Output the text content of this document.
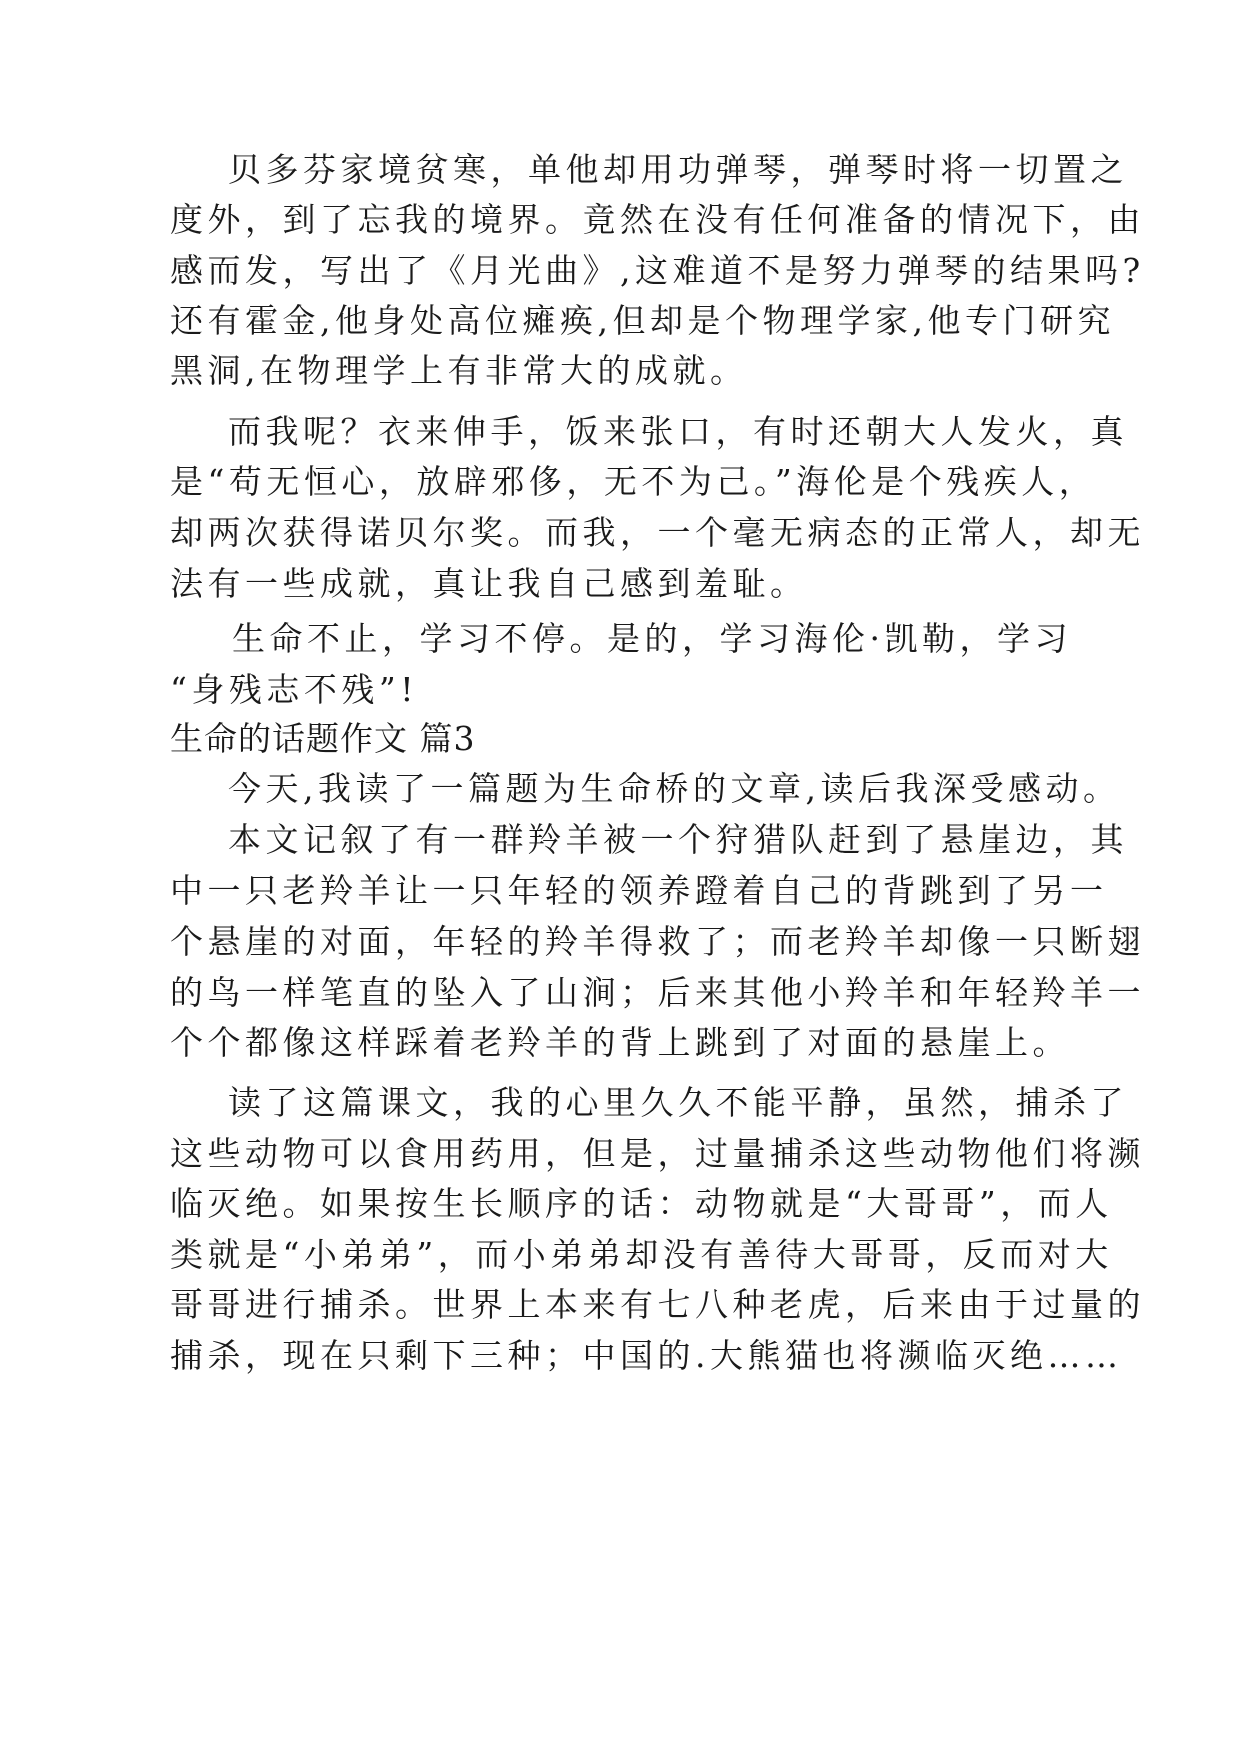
贝多芬家境贫寒，单他却用功弹琴，弹琴时将一切置之
度外，到了忘我的境界。竟然在没有任何准备的情况下，由
感而发，写出了《月光曲》,这难道不是努力弹琴的结果吗?
还有霍金,他身处高位瘫痪,但却是个物理学家,他专门研究
黑洞,在物理学上有非常大的成就。
而我呢？衣来伸手，饭来张口，有时还朝大人发火，真
是“苟无恒心，放辟邪侈，无不为己。”海伦是个残疾人，
却两次获得诺贝尔奖。而我，一个毫无病态的正常人，却无
法有一些成就，真让我自己感到羞耻。
生命不止，学习不停。是的，学习海伦·凯勒，学习
“身残志不残”!
生命的话题作文 篇3
今天,我读了一篇题为生命桥的文章,读后我深受感动。
本文记叙了有一群羚羊被一个狩猎队赶到了悬崖边，其
中一只老羚羊让一只年轻的领养蹬着自己的背跳到了另一
个悬崖的对面，年轻的羚羊得救了；而老羚羊却像一只断翅
的鸟一样笔直的坠入了山涧；后来其他小羚羊和年轻羚羊一
个个都像这样踩着老羚羊的背上跳到了对面的悬崖上。
读了这篇课文，我的心里久久不能平静，虽然，捕杀了
这些动物可以食用药用，但是，过量捕杀这些动物他们将濒
临灭绝。如果按生长顺序的话：动物就是“大哥哥”，而人
类就是“小弟弟”，而小弟弟却没有善待大哥哥，反而对大
哥哥进行捕杀。世界上本来有七八种老虎，后来由于过量的
捕杀，现在只剩下三种；中国的.大熊猫也将濒临灭绝……
